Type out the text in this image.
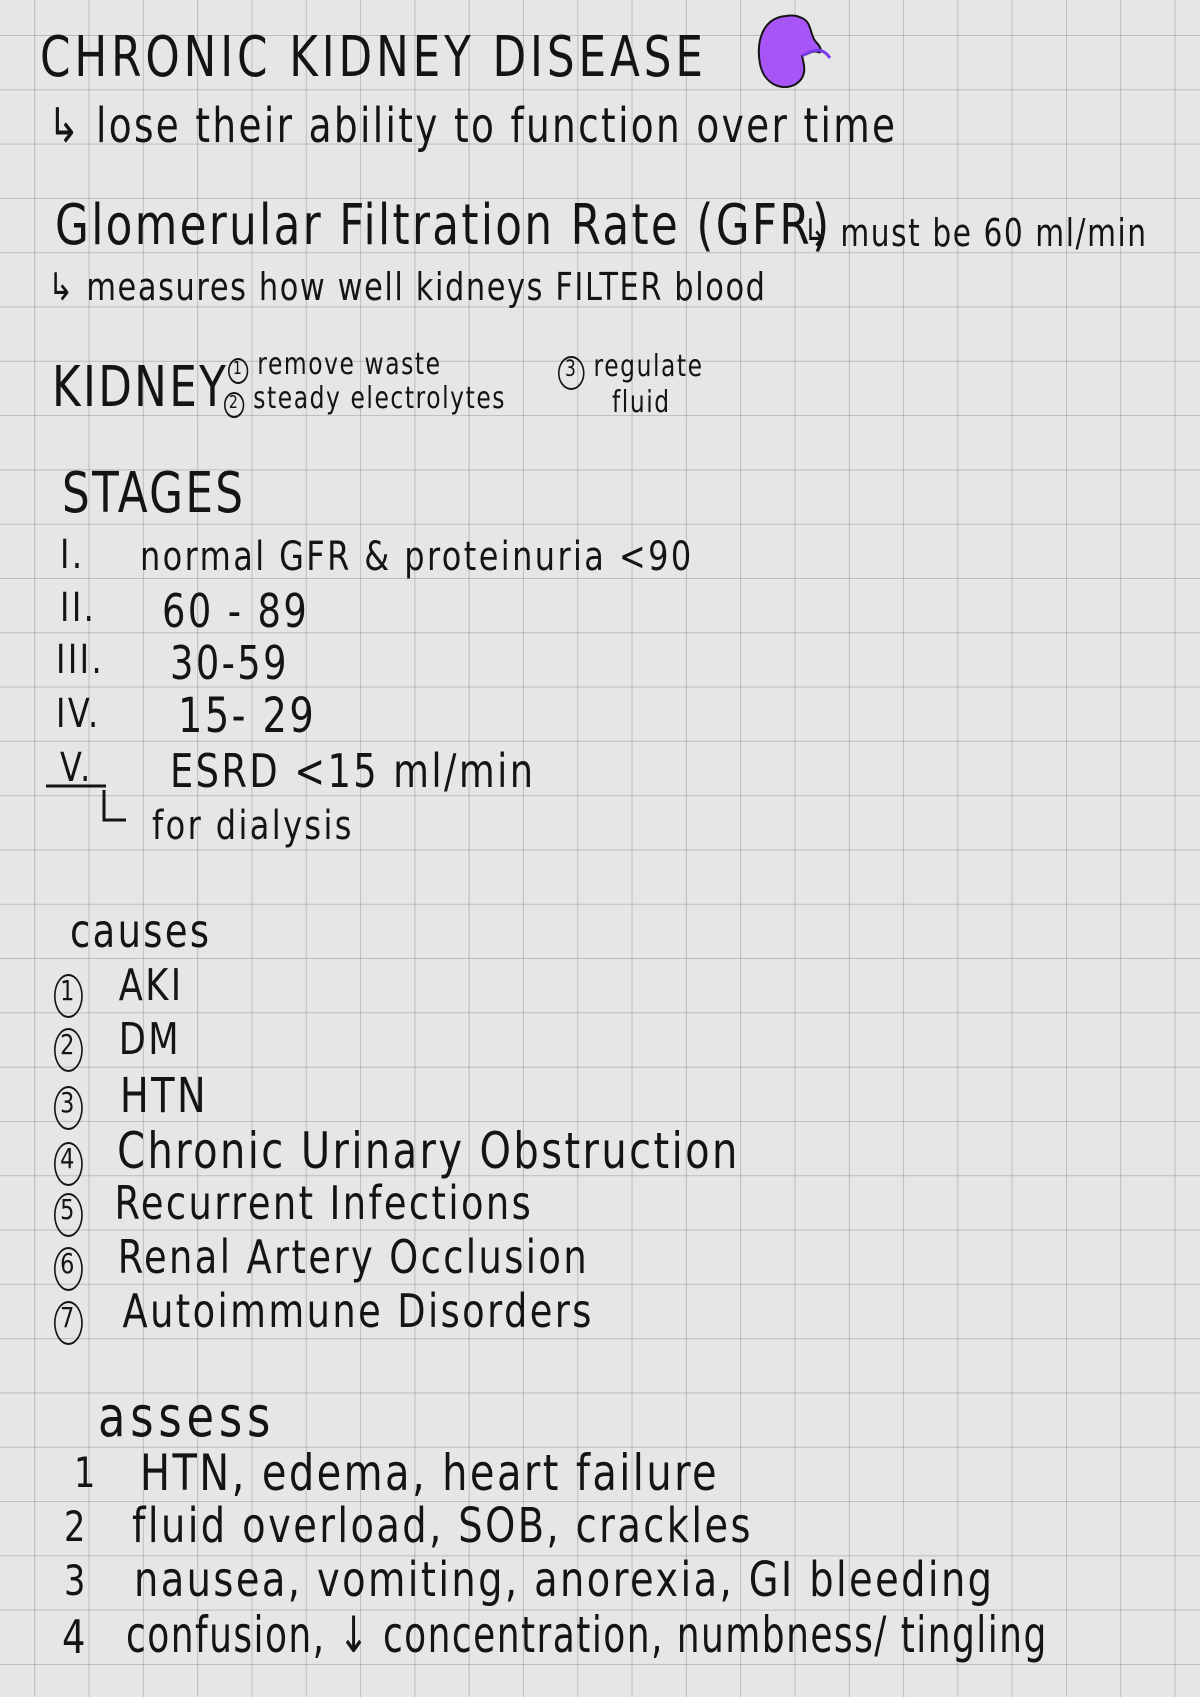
CHRONIC KIDNEY DISEASE
↳ lose their ability to function over time
Glomerular Filtration Rate (GFR)
↳ must be 60 ml/min
↳ measures how well kidneys FILTER blood
KIDNEY 1 remove waste
2 steady electrolytes
3 regulate
fluid
STAGES
I. normal GFR & proteinuria <90
II. 60 - 89
III. 30-59
IV. 15- 29
V. ESRD <15 ml/min
for dialysis
causes
1 AKI
2 DM
3 HTN
4 Chronic Urinary Obstruction
5 Recurrent Infections
6 Renal Artery Occlusion
7 Autoimmune Disorders
assess
1 HTN, edema, heart failure
2 fluid overload, SOB, crackles
3 nausea, vomiting, anorexia, GI bleeding
4 confusion, ↓ concentration, numbness/ tingling
